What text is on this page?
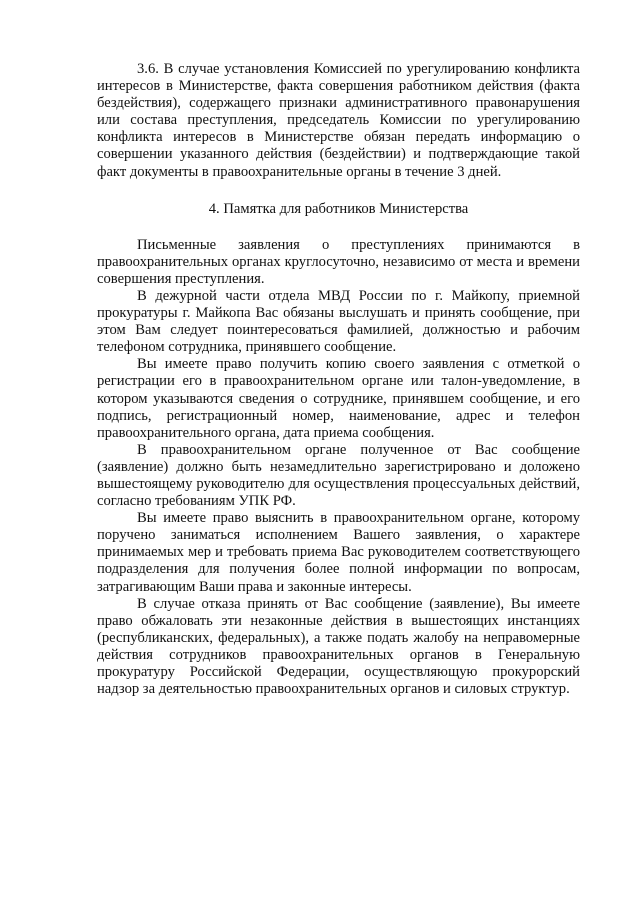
3.6. В случае установления Комиссией по урегулированию конфликта интересов в Министерстве, факта совершения работником действия (факта бездействия), содержащего признаки административного правонарушения или состава преступления, председатель Комиссии по урегулированию конфликта интересов в Министерстве обязан передать информацию о совершении указанного действия (бездействии) и подтверждающие такой факт документы в правоохранительные органы в течение 3 дней.

4. Памятка для работников Министерства

Письменные заявления о преступлениях принимаются в правоохранительных органах круглосуточно, независимо от места и времени совершения преступления.

В дежурной части отдела МВД России по г. Майкопу, приемной прокуратуры г. Майкопа Вас обязаны выслушать и принять сообщение, при этом Вам следует поинтересоваться фамилией, должностью и рабочим телефоном сотрудника, принявшего сообщение.

Вы имеете право получить копию своего заявления с отметкой о регистрации его в правоохранительном органе или талон-уведомление, в котором указываются сведения о сотруднике, принявшем сообщение, и его подпись, регистрационный номер, наименование, адрес и телефон правоохранительного органа, дата приема сообщения.

В правоохранительном органе полученное от Вас сообщение (заявление) должно быть незамедлительно зарегистрировано и доложено вышестоящему руководителю для осуществления процессуальных действий, согласно требованиям УПК РФ.

Вы имеете право выяснить в правоохранительном органе, которому поручено заниматься исполнением Вашего заявления, о характере принимаемых мер и требовать приема Вас руководителем соответствующего подразделения для получения более полной информации по вопросам, затрагивающим Ваши права и законные интересы.

В случае отказа принять от Вас сообщение (заявление), Вы имеете право обжаловать эти незаконные действия в вышестоящих инстанциях (республиканских, федеральных), а также подать жалобу на неправомерные действия сотрудников правоохранительных органов в Генеральную прокуратуру Российской Федерации, осуществляющую прокурорский надзор за деятельностью правоохранительных органов и силовых структур.
